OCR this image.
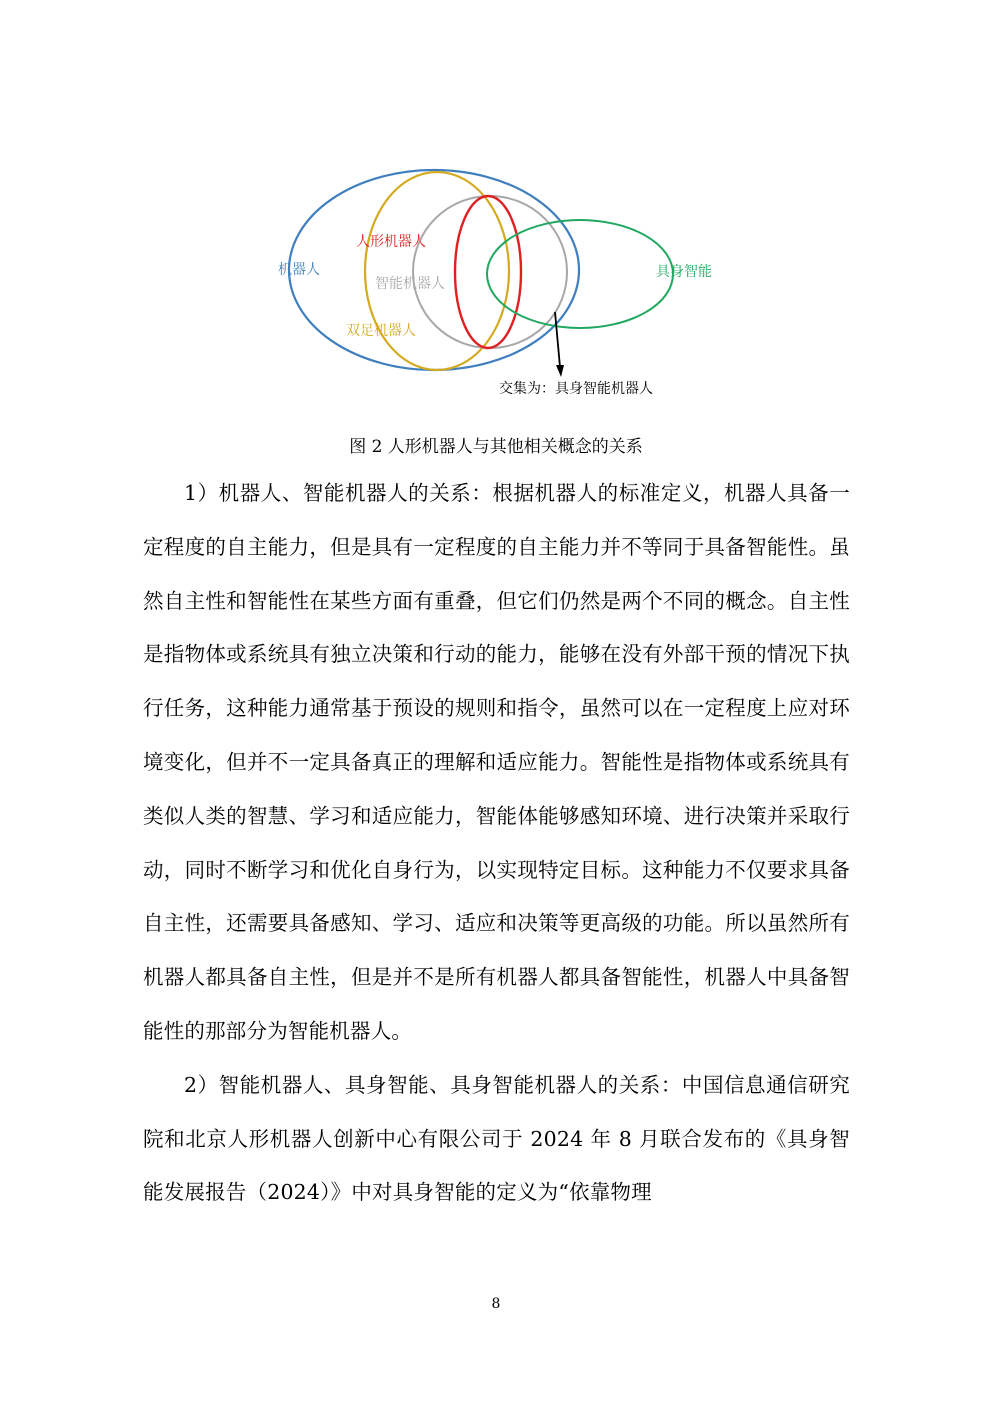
机器人
人形机器人
智能机器人
双足机器人
具身智能
交集为：具身智能机器人

图 2 人形机器人与其他相关概念的关系

1）机器人、智能机器人的关系：根据机器人的标准定义，机器人具备一定程度的自主能力，但是具有一定程度的自主能力并不等同于具备智能性。虽然自主性和智能性在某些方面有重叠，但它们仍然是两个不同的概念。自主性是指物体或系统具有独立决策和行动的能力，能够在没有外部干预的情况下执行任务，这种能力通常基于预设的规则和指令，虽然可以在一定程度上应对环境变化，但并不一定具备真正的理解和适应能力。智能性是指物体或系统具有类似人类的智慧、学习和适应能力，智能体能够感知环境、进行决策并采取行动，同时不断学习和优化自身行为，以实现特定目标。这种能力不仅要求具备自主性，还需要具备感知、学习、适应和决策等更高级的功能。所以虽然所有机器人都具备自主性，但是并不是所有机器人都具备智能性，机器人中具备智能性的那部分为智能机器人。

2）智能机器人、具身智能、具身智能机器人的关系：中国信息通信研究院和北京人形机器人创新中心有限公司于 2024 年 8 月联合发布的《具身智能发展报告（2024）》中对具身智能的定义为“依靠物理

8
